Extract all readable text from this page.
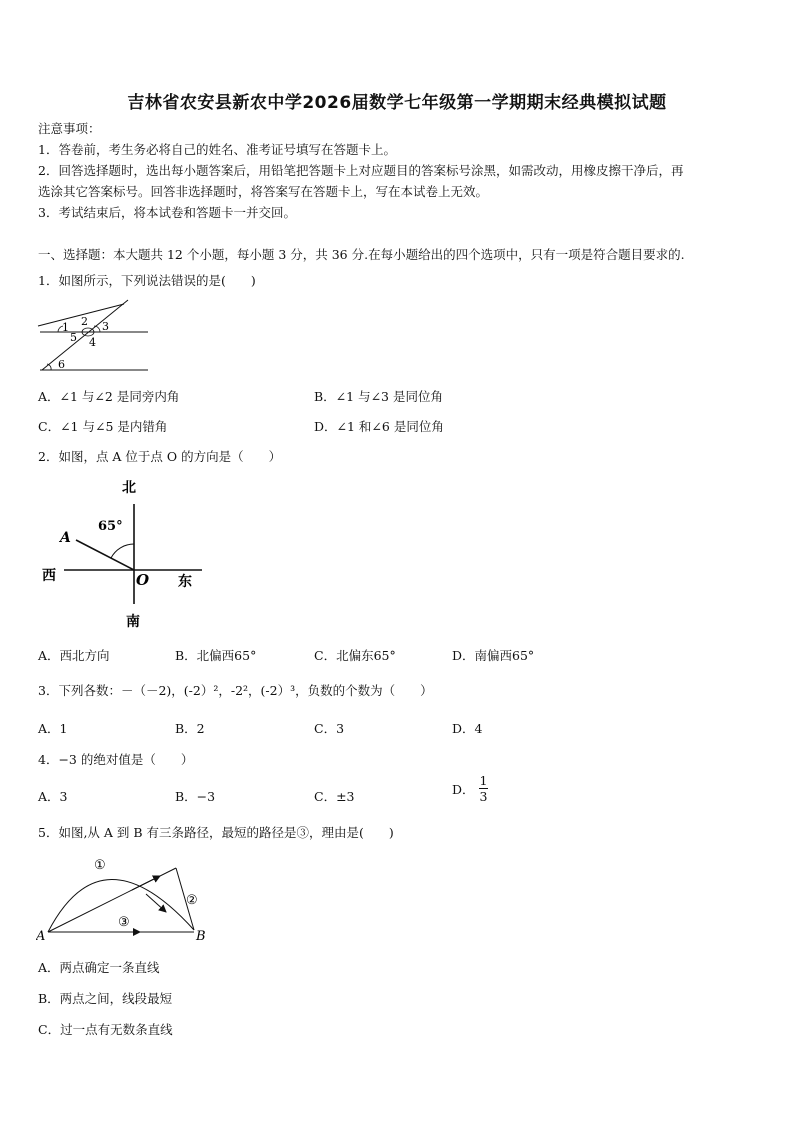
吉林省农安县新农中学2026届数学七年级第一学期期末经典模拟试题
注意事项：
1．答卷前，考生务必将自己的姓名、准考证号填写在答题卡上。
2．回答选择题时，选出每小题答案后，用铅笔把答题卡上对应题目的答案标号涂黑，如需改动，用橡皮擦干净后，再
选涂其它答案标号。回答非选择题时，将答案写在答题卡上，写在本试卷上无效。
3．考试结束后，将本试卷和答题卡一并交回。
一、选择题：本大题共 12 个小题，每小题 3 分，共 36 分.在每小题给出的四个选项中，只有一项是符合题目要求的.
1．如图所示，下列说法错误的是(　　)
1 2 3
4
5
6
A．∠1 与∠2 是同旁内角	B．∠1 与∠3 是同位角
C．∠1 与∠5 是内错角	D．∠1 和∠6 是同位角
2．如图，点 A 位于点 O 的方向是（　　）
北
南
西	东
65°
A
O
A．西北方向	B．北偏西65°	C．北偏东65°	D．南偏西65°
3．下列各数：－（－2)，(-2）²，-2²，(-2）³，负数的个数为（　　）
A．1	B．2	C．3	D．4
4．−3 的绝对值是（　　）
A．3	B．−3	C．±3	D． $\frac{1}{3}$
5．如图,从 A 到 B 有三条路径，最短的路径是③，理由是(　　)
A	B
①
②
③
A．两点确定一条直线
B．两点之间，线段最短
C．过一点有无数条直线
